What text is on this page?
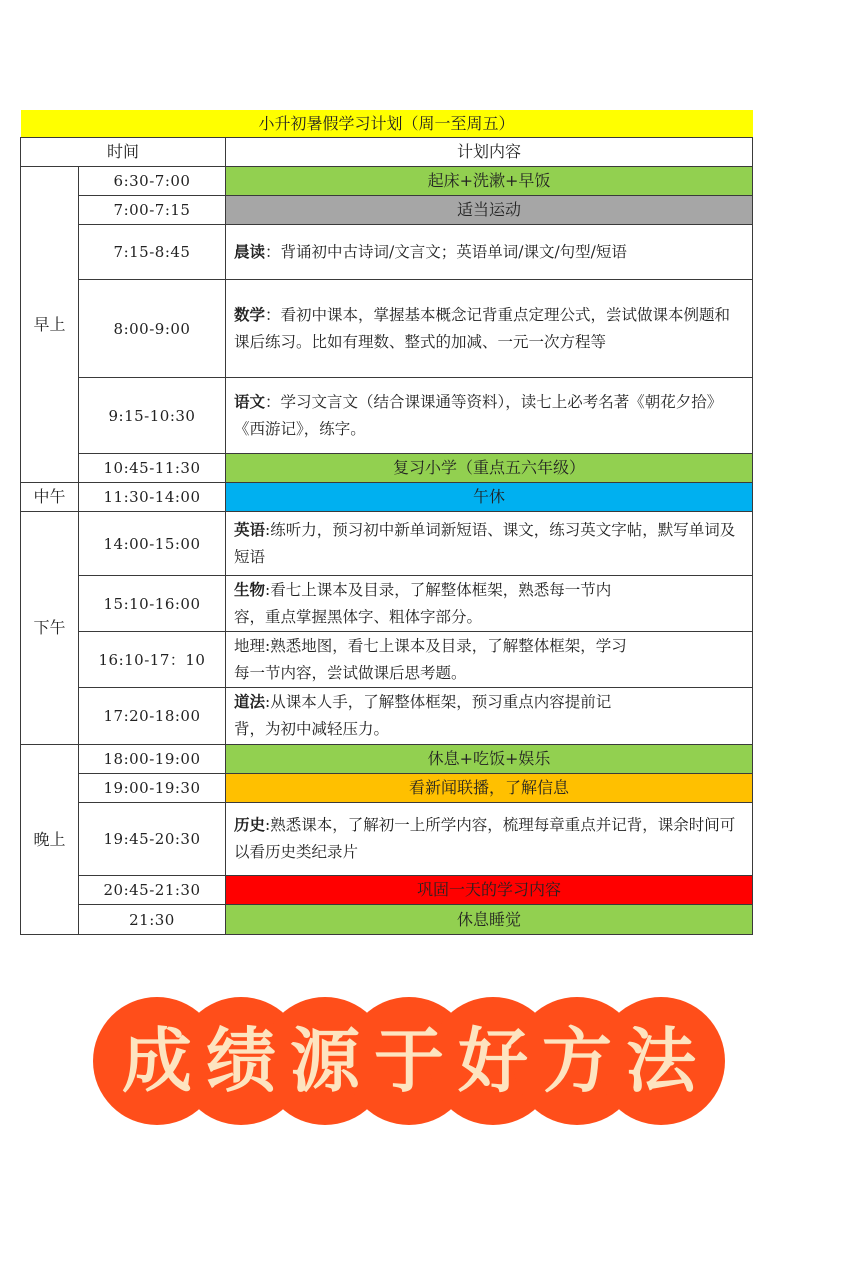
小升初暑假学习计划（周一至周五）		
时间		计划内容
早上	6:30-7:00	起床+洗漱+早饭
	7:00-7:15	适当运动
	7:15-8:45	晨读：背诵初中古诗词/文言文；英语单词/课文/句型/短语
	8:00-9:00	数学：看初中课本，掌握基本概念记背重点定理公式，尝试做课本例题和课后练习。比如有理数、整式的加减、一元一次方程等
	9:15-10:30	语文：学习文言文（结合课课通等资料），读七上必考名著《朝花夕拾》《西游记》，练字。
	10:45-11:30	复习小学（重点五六年级）
中午	11:30-14:00	午休
下午	14:00-15:00	英语:练听力，预习初中新单词新短语、课文，练习英文字帖，默写单词及短语
	15:10-16:00	生物:看七上课本及目录，了解整体框架，熟悉每一节内容，重点掌握黑体字、粗体字部分。
	16:10-17：10	地理:熟悉地图，看七上课本及目录，了解整体框架，学习每一节内容，尝试做课后思考题。
	17:20-18:00	道法:从课本人手，了解整体框架，预习重点内容提前记背，为初中减轻压力。
晚上	18:00-19:00	休息+吃饭+娱乐
	19:00-19:30	看新闻联播，了解信息
	19:45-20:30	历史:熟悉课本，了解初一上所学内容，梳理每章重点并记背，课余时间可以看历史类纪录片
	20:45-21:30	巩固一天的学习内容
	21:30	休息睡觉
成 绩 源 于 好 方 法
